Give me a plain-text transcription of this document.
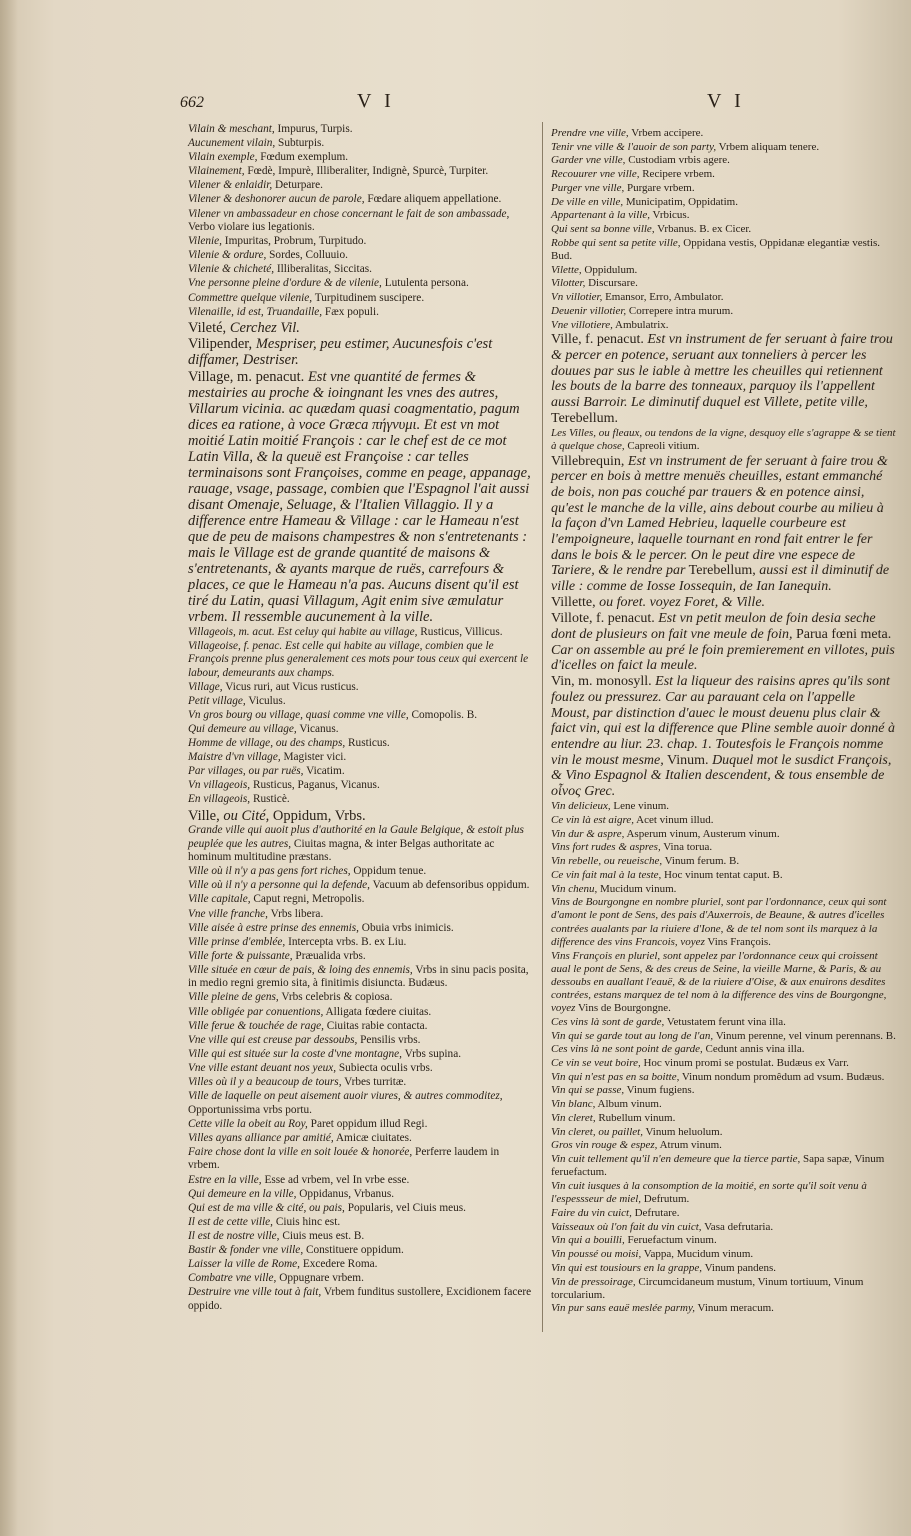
662	V I	V I
Vilain & meschant, Impurus, Turpis.
Aucunement vilain, Subturpis.
Vilain exemple, Fœdum exemplum.
Vilainement, Fœdè, Impurè, Illiberaliter, Indignè, Spurcè, Turpiter.
Vilener & enlaidir, Deturpare.
Vilener & deshonorer aucun de parole, Fœdare aliquem appellatione.
Vilener vn ambassadeur en chose concernant le fait de son ambassade, Verbo violare ius legationis.
Vilenie, Impuritas, Probrum, Turpitudo.
Vilenie & ordure, Sordes, Colluuio.
Vilenie & chicheté, Illiberalitas, Siccitas.
Vne personne pleine d'ordure & de vilenie, Lutulenta persona.
Commettre quelque vilenie, Turpitudinem suscipere.
Vilenaille, id est, Truandaille, Fæx populi.
Vileté, Cerchez Vil.
Vilipender, Mespriser, peu estimer, Aucunesfois c'est diffamer, Destriser.
Village, m. penacut. Est vne quantité de fermes & mestairies au proche & ioingnant les vnes des autres, Villarum vicinia. ac quædam quasi coagmentatio, pagum dices ea ratione, à voce Græca πήγνυμι. Et est vn mot moitié Latin moitié François : car le chef est de ce mot Latin Villa, & la queuë est Françoise : car telles terminaisons sont Françoises, comme en peage, appanage, rauage, vsage, passage, combien que l'Espagnol l'ait aussi disant Omenaje, Seluage, & l'Italien Villaggio. Il y a difference entre Hameau & Village : car le Hameau n'est que de peu de maisons champestres & non s'entretenants : mais le Village est de grande quantité de maisons & s'entretenants, & ayants marque de ruës, carrefours & places, ce que le Hameau n'a pas. Aucuns disent qu'il est tiré du Latin, quasi Villagum, Agit enim sive æmulatur vrbem. Il ressemble aucunement à la ville.
Villageois, m. acut. Est celuy qui habite au village, Rusticus, Villicus.
Villageoise, f. penac. Est celle qui habite au village, combien que le François prenne plus generalement ces mots pour tous ceux qui exercent le labour, demeurants aux champs.
Village, Vicus ruri, aut Vicus rusticus.
Petit village, Viculus.
Vn gros bourg ou village, quasi comme vne ville, Comopolis. B.
Qui demeure au village, Vicanus.
Homme de village, ou des champs, Rusticus.
Maistre d'vn village, Magister vici.
Par villages, ou par ruës, Vicatim.
Vn villageois, Rusticus, Paganus, Vicanus.
En villageois, Rusticè.
Ville, ou Cité, Oppidum, Vrbs.
Grande ville qui auoit plus d'authorité en la Gaule Belgique, & estoit plus peuplée que les autres, Ciuitas magna, & inter Belgas authoritate ac hominum multitudine præstans.
Ville où il n'y a pas gens fort riches, Oppidum tenue.
Ville où il n'y a personne qui la defende, Vacuum ab defensoribus oppidum.
Ville capitale, Caput regni, Metropolis.
Vne ville franche, Vrbs libera.
Ville aisée à estre prinse des ennemis, Obuia vrbs inimicis.
Ville prinse d'emblée, Intercepta vrbs. B. ex Liu.
Ville forte & puissante, Præualida vrbs.
Ville située en cœur de pais, & loing des ennemis, Vrbs in sinu pacis posita, in medio regni gremio sita, à finitimis disiuncta. Budæus.
Ville pleine de gens, Vrbs celebris & copiosa.
Ville obligée par conuentions, Alligata fœdere ciuitas.
Ville ferue & touchée de rage, Ciuitas rabie contacta.
Vne ville qui est creuse par dessoubs, Pensilis vrbs.
Ville qui est située sur la coste d'vne montagne, Vrbs supina.
Vne ville estant deuant nos yeux, Subiecta oculis vrbs.
Villes où il y a beaucoup de tours, Vrbes turritæ.
Ville de laquelle on peut aisement auoir viures, & autres commoditez, Opportunissima vrbs portu.
Cette ville la obeit au Roy, Paret oppidum illud Regi.
Villes ayans alliance par amitié, Amicæ ciuitates.
Faire chose dont la ville en soit louée & honorée, Perferre laudem in vrbem.
Estre en la ville, Esse ad vrbem, vel In vrbe esse.
Qui demeure en la ville, Oppidanus, Vrbanus.
Qui est de ma ville & cité, ou pais, Popularis, vel Ciuis meus.
Il est de cette ville, Ciuis hinc est.
Il est de nostre ville, Ciuis meus est. B.
Bastir & fonder vne ville, Constituere oppidum.
Laisser la ville de Rome, Excedere Roma.
Combatre vne ville, Oppugnare vrbem.
Destruire vne ville tout à fait, Vrbem funditus sustollere, Excidionem facere oppido.
Prendre vne ville, Vrbem accipere.
Tenir vne ville & l'auoir de son party, Vrbem aliquam tenere.
Garder vne ville, Custodiam vrbis agere.
Recouurer vne ville, Recipere vrbem.
Purger vne ville, Purgare vrbem.
De ville en ville, Municipatim, Oppidatim.
Appartenant à la ville, Vrbicus.
Qui sent sa bonne ville, Vrbanus. B. ex Cicer.
Robbe qui sent sa petite ville, Oppidana vestis, Oppidanæ elegantiæ vestis. Bud.
Vilette, Oppidulum.
Vilotter, Discursare.
Vn villotier, Emansor, Erro, Ambulator.
Deuenir villotier, Correpere intra murum.
Vne villotiere, Ambulatrix.
Ville, f. penacut. Est vn instrument de fer seruant à faire trou & percer en potence, seruant aux tonneliers à percer les douues par sus le iable à mettre les cheuilles qui retiennent les bouts de la barre des tonneaux, parquoy ils l'appellent aussi Barroir. Le diminutif duquel est Villete, petite ville, Terebellum.
Les Villes, ou fleaux, ou tendons de la vigne, desquoy elle s'agrappe & se tient à quelque chose, Capreoli vitium.
Villebrequin, Est vn instrument de fer seruant à faire trou & percer en bois à mettre menuës cheuilles, estant emmanché de bois, non pas couché par trauers & en potence ainsi, qu'est le manche de la ville, ains debout courbe au milieu à la façon d'vn Lamed Hebrieu, laquelle courbeure est l'empoigneure, laquelle tournant en rond fait entrer le fer dans le bois & le percer. On le peut dire vne espece de Tariere, & le rendre par Terebellum, aussi est il diminutif de ville : comme de Iosse Iossequin, de Ian Ianequin.
Villette, ou foret. voyez Foret, & Ville.
Villote, f. penacut. Est vn petit meulon de foin desia seche dont de plusieurs on fait vne meule de foin, Parua fœni meta. Car on assemble au pré le foin premierement en villotes, puis d'icelles on faict la meule.
Vin, m. monosyll. Est la liqueur des raisins apres qu'ils sont foulez ou pressurez. Car au parauant cela on l'appelle Moust, par distinction d'auec le moust deuenu plus clair & faict vin, qui est la difference que Pline semble auoir donné à entendre au liur. 23. chap. 1. Toutesfois le François nomme vin le moust mesme, Vinum. Duquel mot le susdict François, & Vino Espagnol & Italien descendent, & tous ensemble de οἶνος Grec.
Vin delicieux, Lene vinum.
Ce vin là est aigre, Acet vinum illud.
Vin dur & aspre, Asperum vinum, Austerum vinum.
Vins fort rudes & aspres, Vina torua.
Vin rebelle, ou reueische, Vinum ferum. B.
Ce vin fait mal à la teste, Hoc vinum tentat caput. B.
Vin chenu, Mucidum vinum.
Vins de Bourgongne en nombre pluriel, sont par l'ordonnance, ceux qui sont d'amont le pont de Sens, des pais d'Auxerrois, de Beaune, & autres d'icelles contrées aualants par la riuiere d'Ione, & de tel nom sont ils marquez à la difference des vins Francois, voyez Vins François.
Vins François en pluriel, sont appelez par l'ordonnance ceux qui croissent aual le pont de Sens, & des creus de Seine, la vieille Marne, & Paris, & au dessoubs en auallant l'eauë, & de la riuiere d'Oise, & aux enuirons desdites contrées, estans marquez de tel nom à la difference des vins de Bourgongne, voyez Vins de Bourgongne.
Ces vins là sont de garde, Vetustatem ferunt vina illa.
Vin qui se garde tout au long de l'an, Vinum perenne, vel vinum perennans. B.
Ces vins là ne sont point de garde, Cedunt annis vina illa.
Ce vin se veut boire, Hoc vinum promi se postulat. Budæus ex Varr.
Vin qui n'est pas en sa boitte, Vinum nondum promêdum ad vsum. Budæus.
Vin qui se passe, Vinum fugiens.
Vin blanc, Album vinum.
Vin cleret, Rubellum vinum.
Vin cleret, ou paillet, Vinum heluolum.
Gros vin rouge & espez, Atrum vinum.
Vin cuit tellement qu'il n'en demeure que la tierce partie, Sapa sapæ, Vinum feruefactum.
Vin cuit iusques à la consomption de la moitié, en sorte qu'il soit venu à l'espessseur de miel, Defrutum.
Faire du vin cuict, Defrutare.
Vaisseaux où l'on fait du vin cuict, Vasa defrutaria.
Vin qui a bouilli, Feruefactum vinum.
Vin poussé ou moisi, Vappa, Mucidum vinum.
Vin qui est tousiours en la grappe, Vinum pandens.
Vin de pressoirage, Circumcidaneum mustum, Vinum tortiuum, Vinum torcularium.
Vin pur sans eauë meslée parmy, Vinum meracum.
